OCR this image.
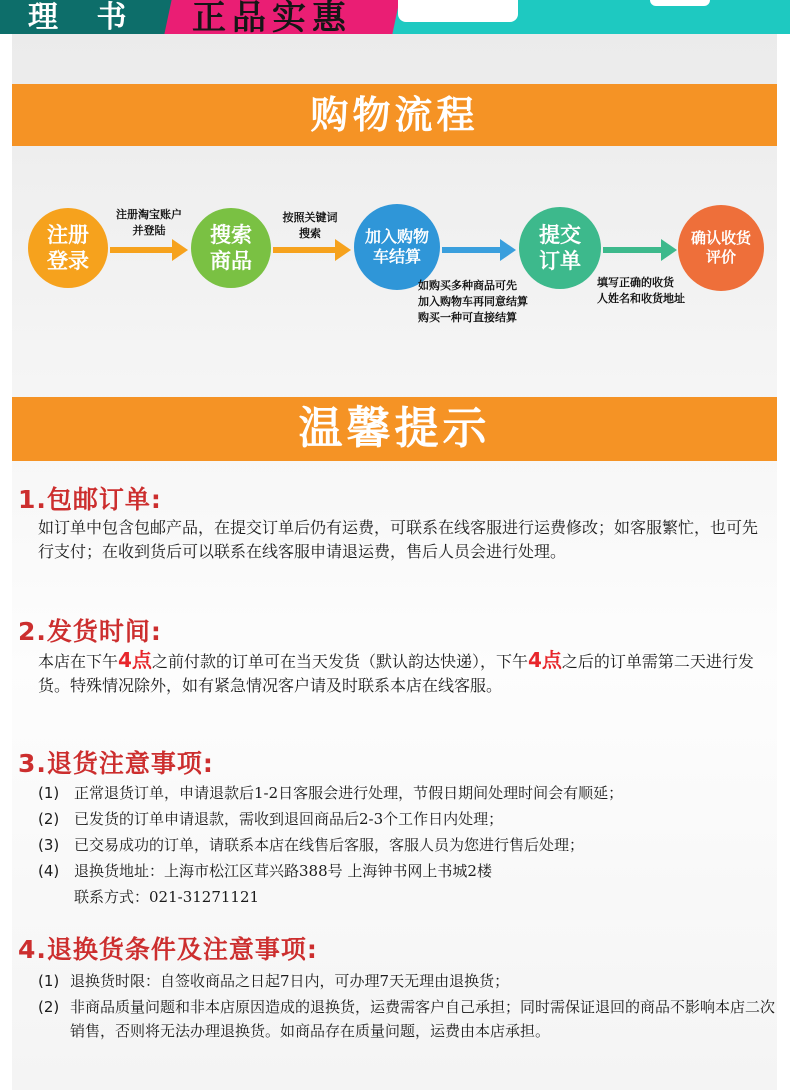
理 书 正品实惠
购物流程
注册
登录
搜索
商品
加入购物
车结算
提交
订单
确认收货
评价
注册淘宝账户
并登陆
按照关键词
搜索
如购买多种商品可先
加入购物车再同意结算
购买一种可直接结算
填写正确的收货
人姓名和收货地址
温馨提示
1.包邮订单:
如订单中包含包邮产品，在提交订单后仍有运费，可联系在线客服进行运费修改；如客服繁忙，也可先行支付；在收到货后可以联系在线客服申请退运费，售后人员会进行处理。
2.发货时间:
本店在下午4点之前付款的订单可在当天发货（默认韵达快递），下午4点之后的订单需第二天进行发货。特殊情况除外，如有紧急情况客户请及时联系本店在线客服。
3.退货注意事项:
(1) 正常退货订单，申请退款后1-2日客服会进行处理，节假日期间处理时间会有顺延；
(2) 已发货的订单申请退款，需收到退回商品后2-3个工作日内处理；
(3) 已交易成功的订单，请联系本店在线售后客服，客服人员为您进行售后处理；
(4) 退换货地址：上海市松江区茸兴路388号 上海钟书网上书城2楼
联系方式：021-31271121
4.退换货条件及注意事项:
(1) 退换货时限：自签收商品之日起7日内，可办理7天无理由退换货；
(2) 非商品质量问题和非本店原因造成的退换货，运费需客户自己承担；同时需保证退回的商品不影响本店二次销售，否则将无法办理退换货。如商品存在质量问题，运费由本店承担。
